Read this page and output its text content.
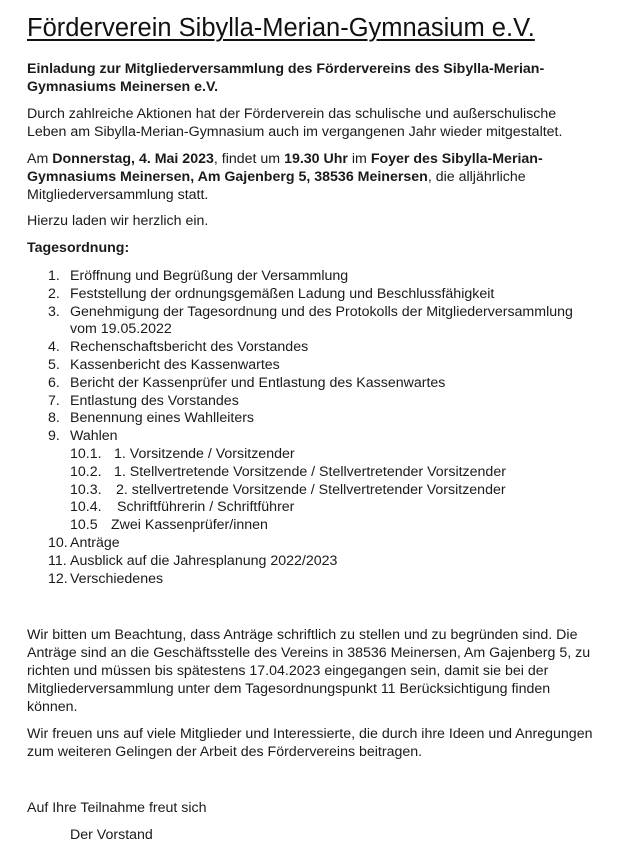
Förderverein Sibylla-Merian-Gymnasium e.V.
Einladung zur Mitgliederversammlung des Fördervereins des Sibylla-Merian-
Gymnasiums Meinersen e.V.
Durch zahlreiche Aktionen hat der Förderverein das schulische und außerschulische
Leben am Sibylla-Merian-Gymnasium auch im vergangenen Jahr wieder mitgestaltet.
Am Donnerstag, 4. Mai 2023, findet um 19.30 Uhr im Foyer des Sibylla-Merian-
Gymnasiums Meinersen, Am Gajenberg 5, 38536 Meinersen, die alljährliche
Mitgliederversammlung statt.
Hierzu laden wir herzlich ein.
Tagesordnung:
1. Eröffnung und Begrüßung der Versammlung
2. Feststellung der ordnungsgemäßen Ladung und Beschlussfähigkeit
3. Genehmigung der Tagesordnung und des Protokolls der Mitgliederversammlung
vom 19.05.2022
4. Rechenschaftsbericht des Vorstandes
5. Kassenbericht des Kassenwartes
6. Bericht der Kassenprüfer und Entlastung des Kassenwartes
7. Entlastung des Vorstandes
8. Benennung eines Wahlleiters
9. Wahlen
10.1. 1. Vorsitzende / Vorsitzender
10.2. 1. Stellvertretende Vorsitzende / Stellvertretender Vorsitzender
10.3.	2. stellvertretende Vorsitzende / Stellvertretender Vorsitzender
10.4.	Schriftführerin / Schriftführer
10.5 Zwei Kassenprüfer/innen
10. Anträge
11. Ausblick auf die Jahresplanung 2022/2023
12. Verschiedenes
Wir bitten um Beachtung, dass Anträge schriftlich zu stellen und zu begründen sind. Die
Anträge sind an die Geschäftsstelle des Vereins in 38536 Meinersen, Am Gajenberg 5, zu
richten und müssen bis spätestens 17.04.2023 eingegangen sein, damit sie bei der
Mitgliederversammlung unter dem Tagesordnungspunkt 11 Berücksichtigung finden
können.
Wir freuen uns auf viele Mitglieder und Interessierte, die durch ihre Ideen und Anregungen
zum weiteren Gelingen der Arbeit des Fördervereins beitragen.
Auf Ihre Teilnahme freut sich
Der Vorstand
